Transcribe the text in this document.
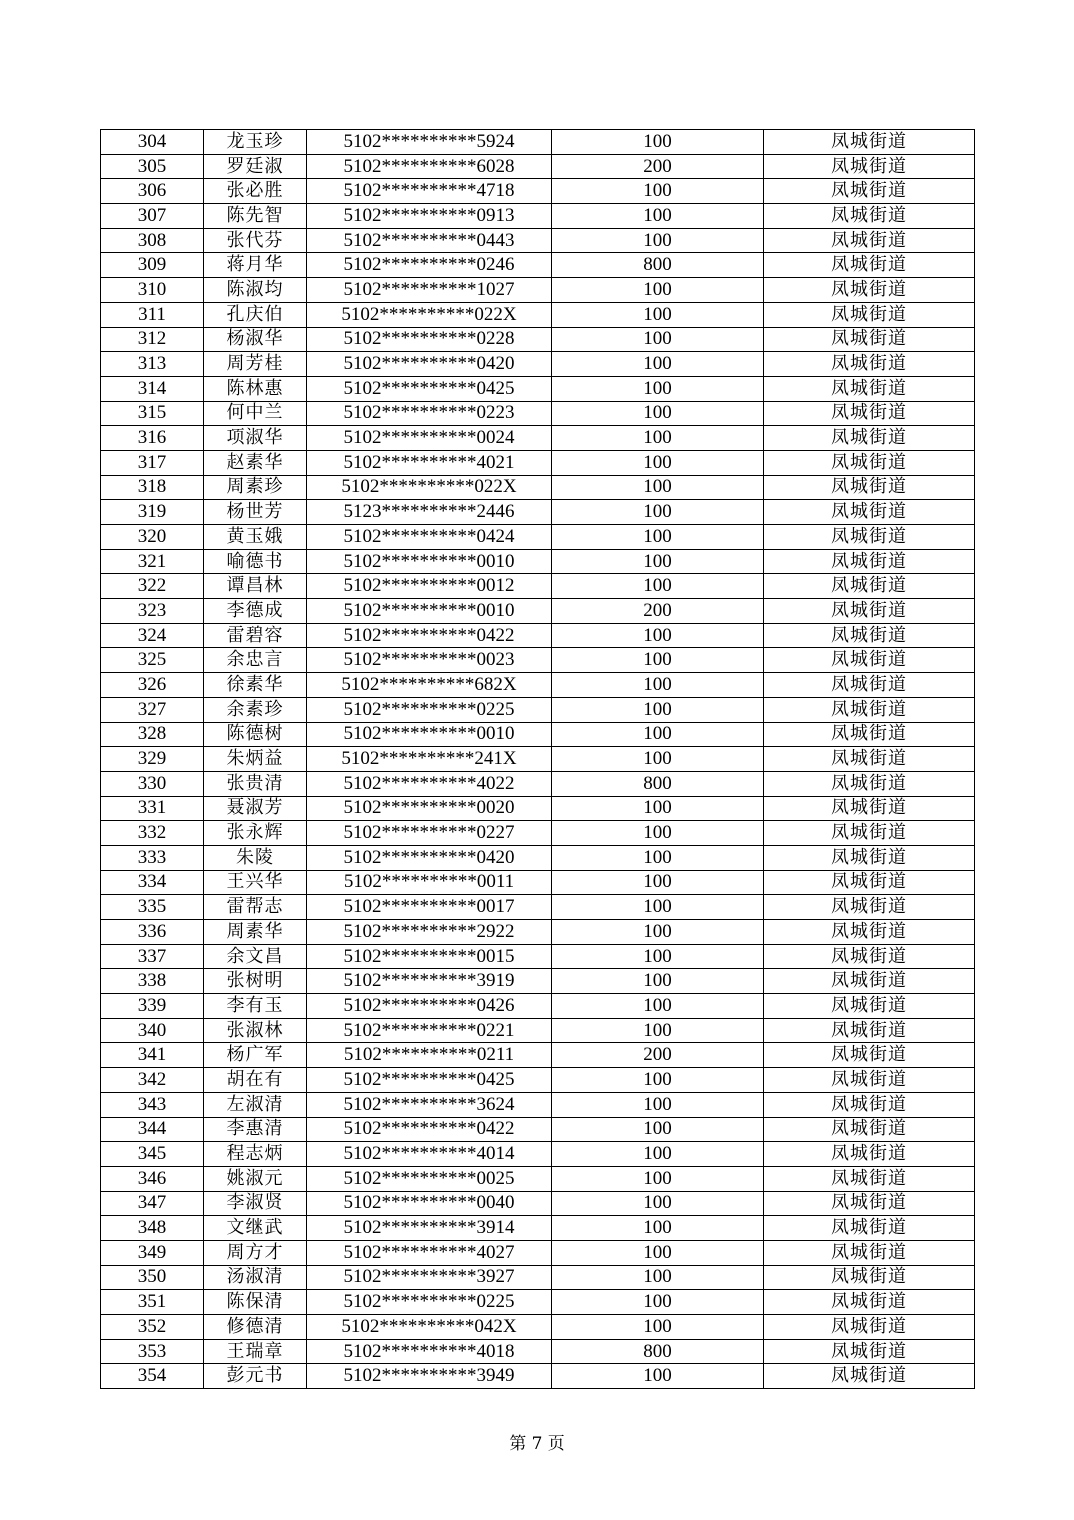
304	龙玉珍	5102**********5924	100	凤城街道
305	罗廷淑	5102**********6028	200	凤城街道
306	张必胜	5102**********4718	100	凤城街道
307	陈先智	5102**********0913	100	凤城街道
308	张代芬	5102**********0443	100	凤城街道
309	蒋月华	5102**********0246	800	凤城街道
310	陈淑均	5102**********1027	100	凤城街道
311	孔庆伯	5102**********022X	100	凤城街道
312	杨淑华	5102**********0228	100	凤城街道
313	周芳桂	5102**********0420	100	凤城街道
314	陈林惠	5102**********0425	100	凤城街道
315	何中兰	5102**********0223	100	凤城街道
316	项淑华	5102**********0024	100	凤城街道
317	赵素华	5102**********4021	100	凤城街道
318	周素珍	5102**********022X	100	凤城街道
319	杨世芳	5123**********2446	100	凤城街道
320	黄玉娥	5102**********0424	100	凤城街道
321	喻德书	5102**********0010	100	凤城街道
322	谭昌林	5102**********0012	100	凤城街道
323	李德成	5102**********0010	200	凤城街道
324	雷碧容	5102**********0422	100	凤城街道
325	余忠言	5102**********0023	100	凤城街道
326	徐素华	5102**********682X	100	凤城街道
327	余素珍	5102**********0225	100	凤城街道
328	陈德树	5102**********0010	100	凤城街道
329	朱炳益	5102**********241X	100	凤城街道
330	张贵清	5102**********4022	800	凤城街道
331	聂淑芳	5102**********0020	100	凤城街道
332	张永辉	5102**********0227	100	凤城街道
333	朱陵	5102**********0420	100	凤城街道
334	王兴华	5102**********0011	100	凤城街道
335	雷帮志	5102**********0017	100	凤城街道
336	周素华	5102**********2922	100	凤城街道
337	余文昌	5102**********0015	100	凤城街道
338	张树明	5102**********3919	100	凤城街道
339	李有玉	5102**********0426	100	凤城街道
340	张淑林	5102**********0221	100	凤城街道
341	杨广军	5102**********0211	200	凤城街道
342	胡在有	5102**********0425	100	凤城街道
343	左淑清	5102**********3624	100	凤城街道
344	李惠清	5102**********0422	100	凤城街道
345	程志炳	5102**********4014	100	凤城街道
346	姚淑元	5102**********0025	100	凤城街道
347	李淑贤	5102**********0040	100	凤城街道
348	文继武	5102**********3914	100	凤城街道
349	周方才	5102**********4027	100	凤城街道
350	汤淑清	5102**********3927	100	凤城街道
351	陈保清	5102**********0225	100	凤城街道
352	修德清	5102**********042X	100	凤城街道
353	王瑞章	5102**********4018	800	凤城街道
354	彭元书	5102**********3949	100	凤城街道
第 7 页
